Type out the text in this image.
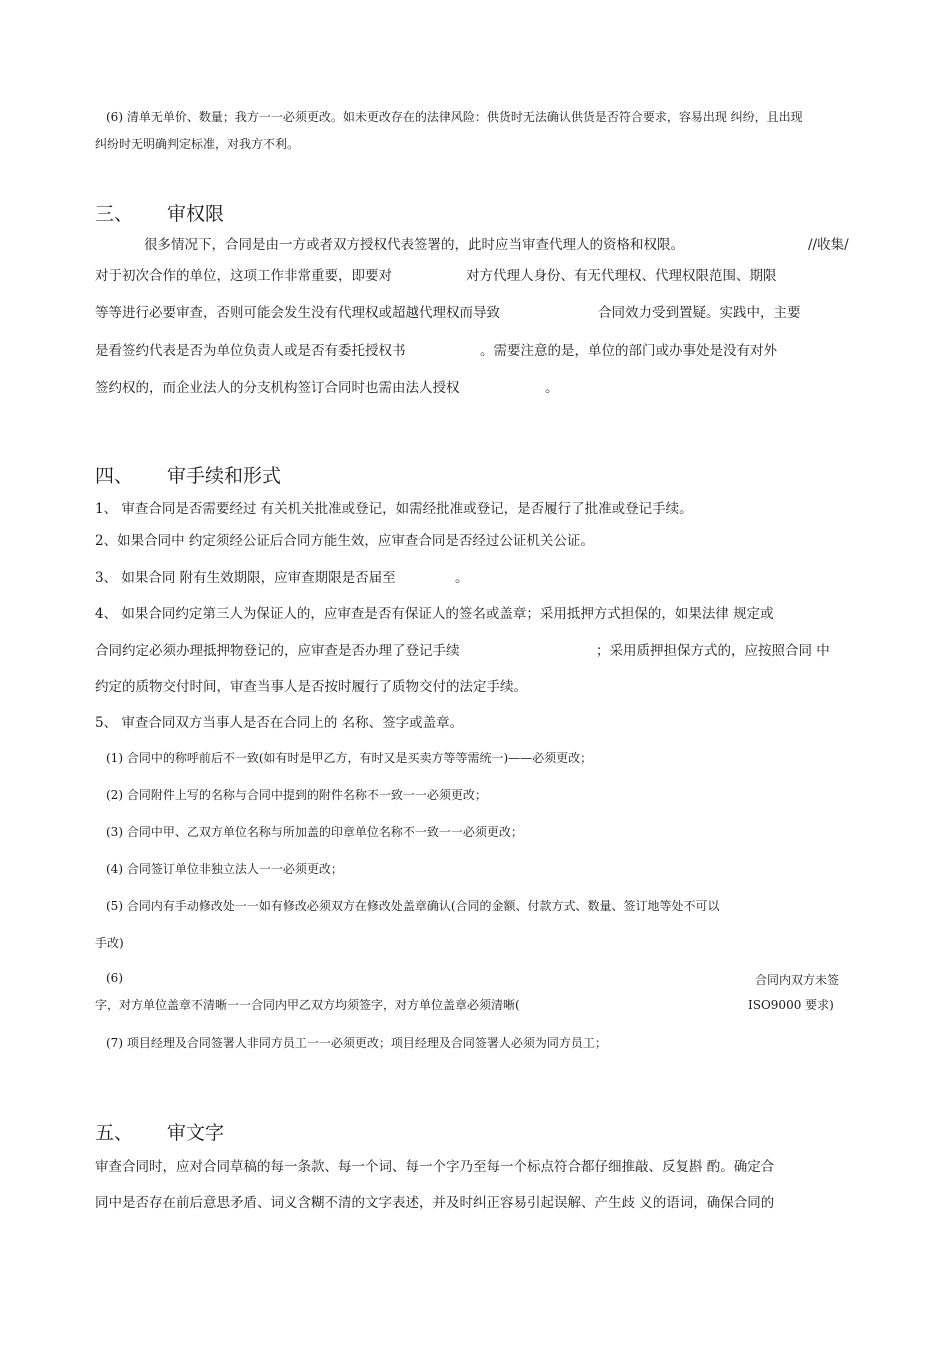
(6) 清单无单价、数量；我方一一必须更改。如未更改存在的法律风险：供货时无法确认供货是否符合要求，容易出现 纠纷，且出现
纠纷时无明确判定标准，对我方不利。
三、 审权限
很多情况下，合同是由一方或者双方授权代表签署的，此时应当审查代理人的资格和权限。	//收集/
对于初次合作的单位，这项工作非常重要，即要对	对方代理人身份、有无代理权、代理权限范围、期限
等等进行必要审查，否则可能会发生没有代理权或超越代理权而导致	合同效力受到置疑。实践中，主要
是看签约代表是否为单位负责人或是否有委托授权书	。需要注意的是，单位的部门或办事处是没有对外
签约权的，而企业法人的分支机构签订合同时也需由法人授权	。
四、 审手续和形式
1、 审查合同是否需要经过 有关机关批准或登记，如需经批准或登记，是否履行了批准或登记手续。
2、如果合同中 约定须经公证后合同方能生效，应审查合同是否经过公证机关公证。
3、 如果合同 附有生效期限，应审查期限是否届至	。
4、 如果合同约定第三人为保证人的，应审查是否有保证人的签名或盖章；采用抵押方式担保的，如果法律 规定或
合同约定必须办理抵押物登记的，应审查是否办理了登记手续	；采用质押担保方式的，应按照合同 中
约定的质物交付时间，审查当事人是否按时履行了质物交付的法定手续。
5、 审查合同双方当事人是否在合同上的 名称、签字或盖章。
(1) 合同中的称呼前后不一致(如有时是甲乙方，有时又是买卖方等等需统一)——必须更改；
(2) 合同附件上写的名称与合同中提到的附件名称不一致一一必须更改；
(3) 合同中甲、乙双方单位名称与所加盖的印章单位名称不一致一一必须更改；
(4) 合同签订单位非独立法人一一必须更改；
(5) 合同内有手动修改处一一如有修改必须双方在修改处盖章确认(合同的金额、付款方式、数量、签订地等处不可以
手改)
(6)	合同内双方未签
字，对方单位盖章不清晰一一合同内甲乙双方均须签字，对方单位盖章必须清晰(	ISO9000 要求)
(7) 项目经理及合同签署人非同方员工一一必须更改；项目经理及合同签署人必须为同方员工；
五、 审文字
审查合同时，应对合同草稿的每一条款、每一个词、每一个字乃至每一个标点符合都仔细推敲、反复斟 酌。确定合
同中是否存在前后意思矛盾、词义含糊不清的文字表述，并及时纠正容易引起误解、产生歧 义的语词，确保合同的
